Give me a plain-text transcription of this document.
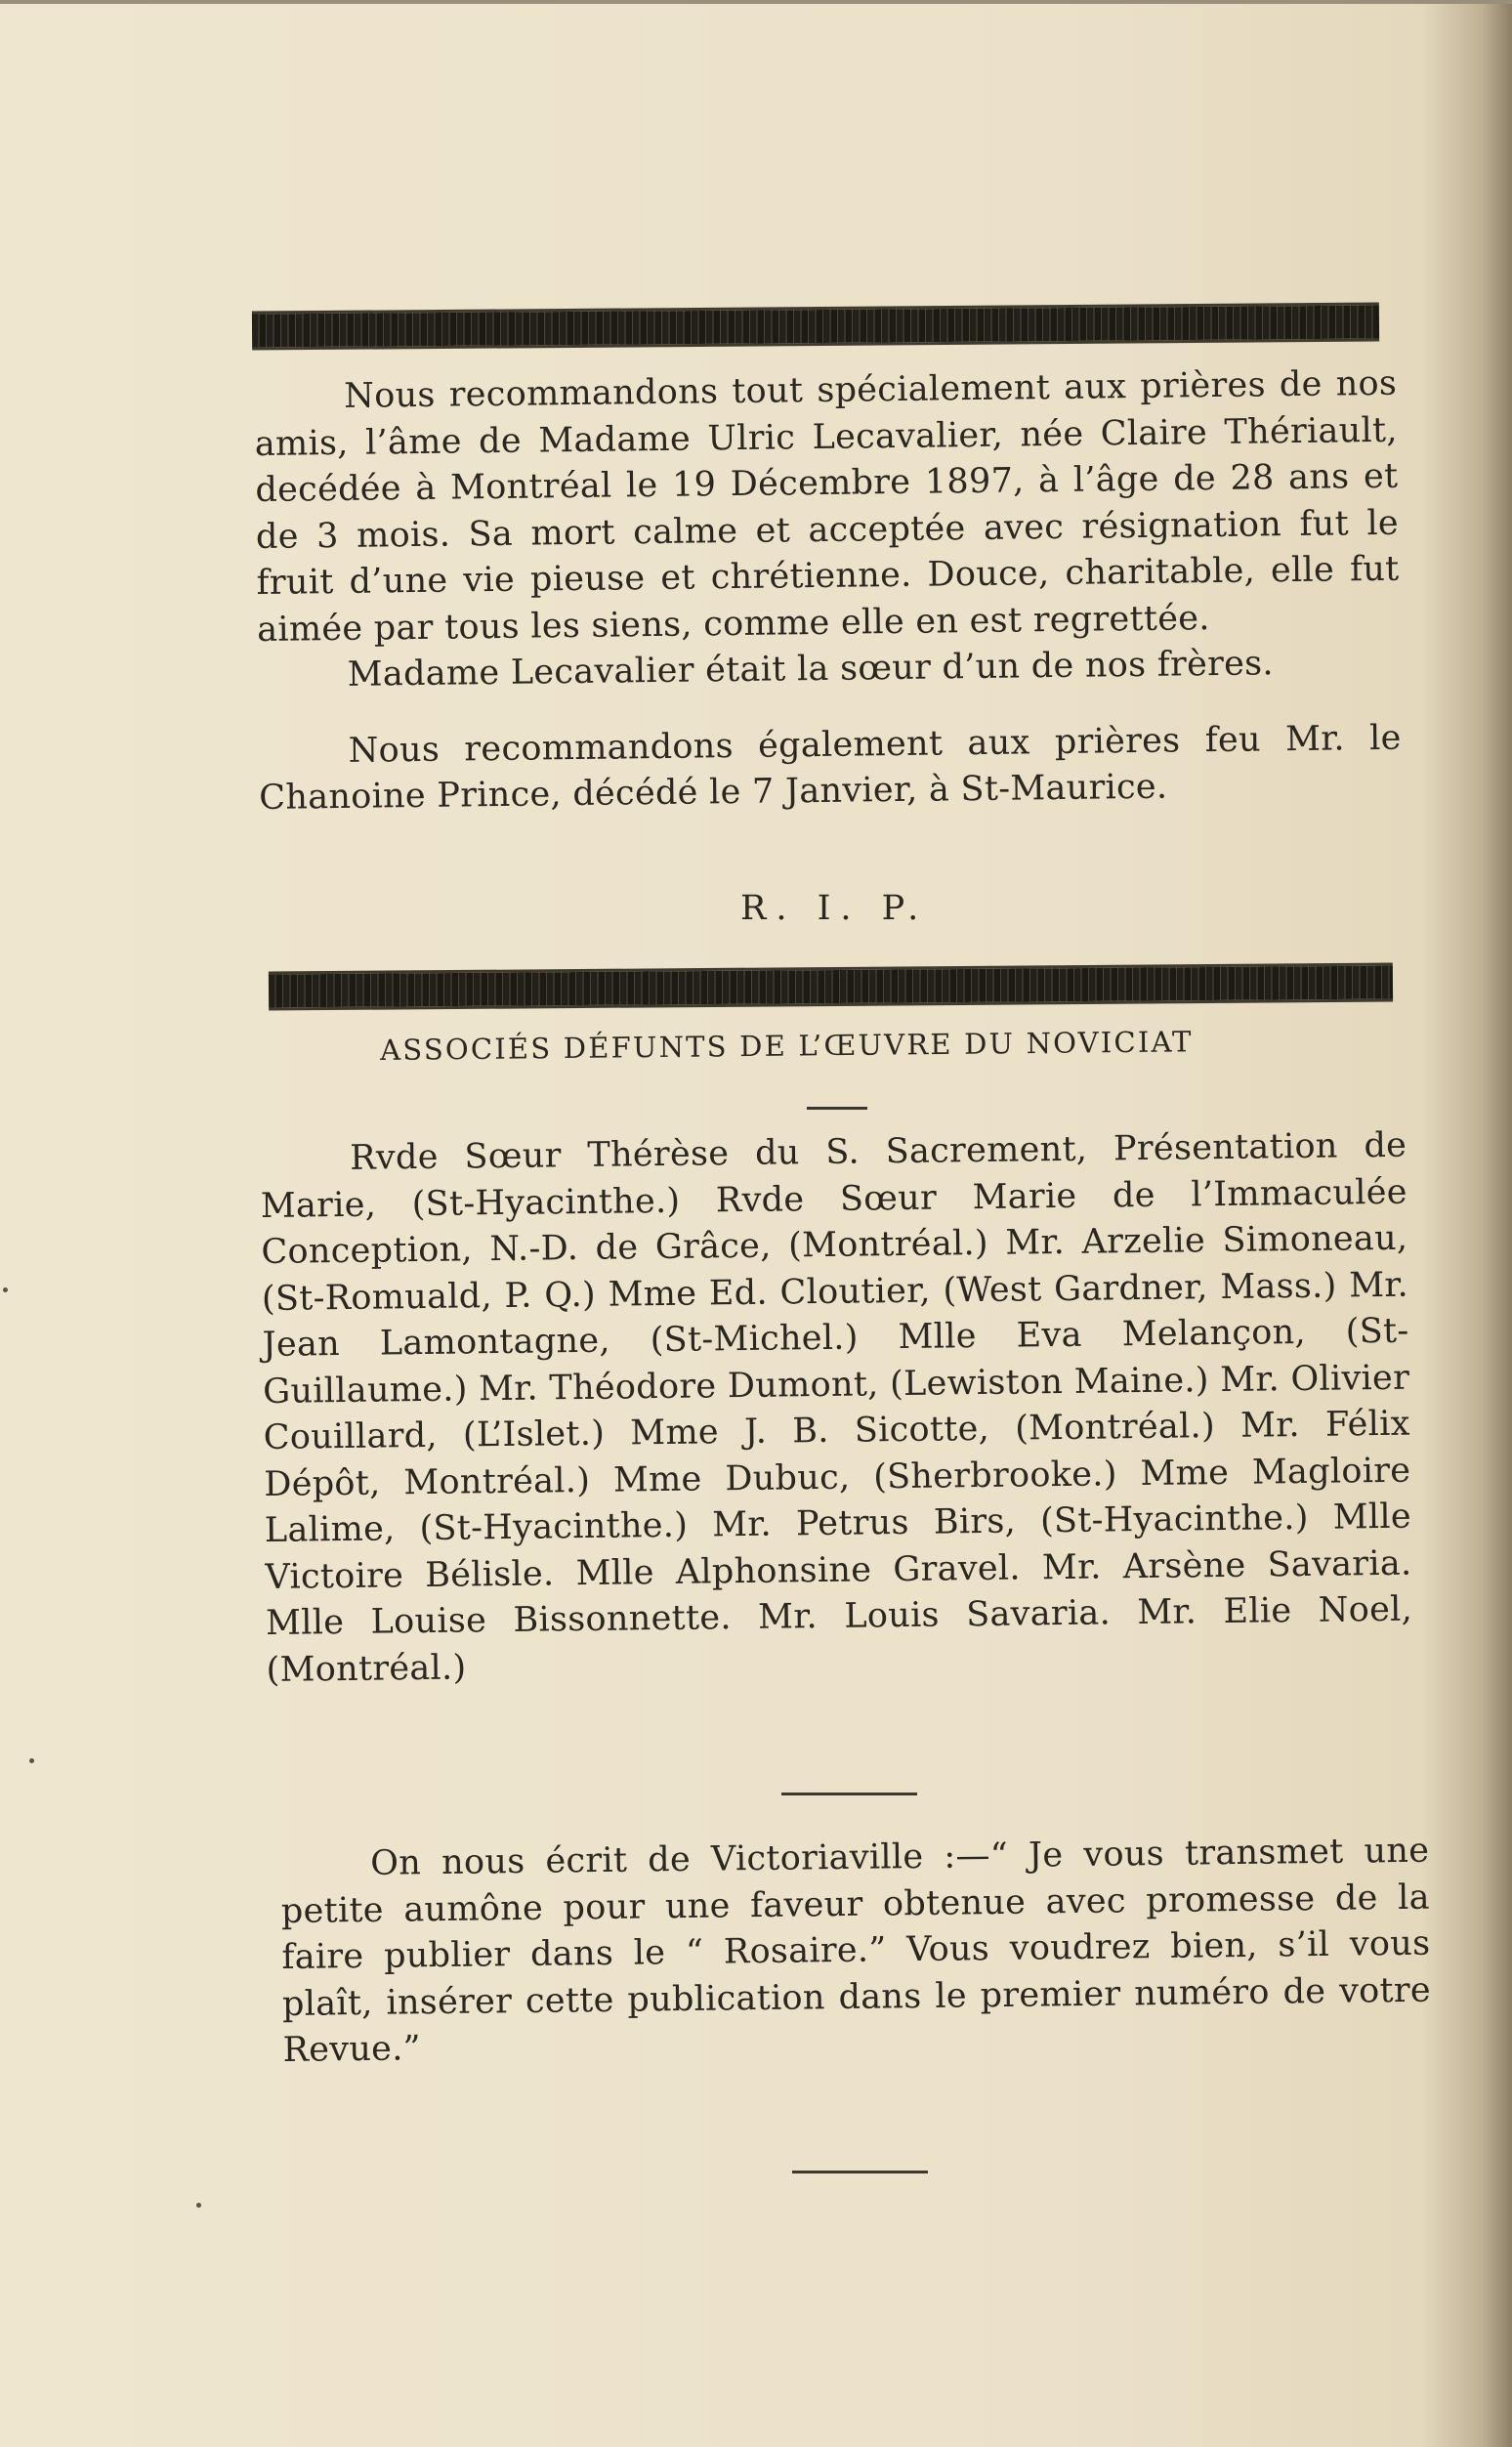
Nous recommandons tout spécialement aux prières de nos amis, l’âme de Madame Ulric Lecavalier, née Claire Thériault, decédée à Montréal le 19 Décembre 1897, à l’âge de 28 ans et de 3 mois. Sa mort calme et acceptée avec résignation fut le fruit d’une vie pieuse et chrétienne. Douce, charitable, elle fut aimée par tous les siens, comme elle en est regrettée.

Madame Lecavalier était la sœur d’un de nos frères.

Nous recommandons également aux prières feu Mr. le Chanoine Prince, décédé le 7 Janvier, à St-Maurice.

R. I. P.
ASSOCIÉS DÉFUNTS DE L’ŒUVRE DU NOVICIAT

Rvde Sœur Thérèse du S. Sacrement, Présentation de Marie, (St-Hyacinthe.) Rvde Sœur Marie de l’Immaculée Conception, N.-D. de Grâce, (Montréal.) Mr. Arzelie Simoneau, (St-Romuald, P. Q.) Mme Ed. Cloutier, (West Gardner, Mass.) Mr. Jean Lamontagne, (St-Michel.) Mlle Eva Melançon, (St-Guillaume.) Mr. Théodore Dumont, (Lewiston Maine.) Mr. Olivier Couillard, (L’Islet.) Mme J. B. Sicotte, (Montréal.) Mr. Félix Dépôt, Montréal.) Mme Dubuc, (Sherbrooke.) Mme Magloire Lalime, (St-Hyacinthe.) Mr. Petrus Birs, (St-Hyacinthe.) Mlle Victoire Bélisle. Mlle Alphonsine Gravel. Mr. Arsène Savaria. Mlle Louise Bissonnette. Mr. Louis Savaria. Mr. Elie Noel, (Montréal.)

On nous écrit de Victoriaville :—“ Je vous transmet une petite aumône pour une faveur obtenue avec promesse de la faire publier dans le “ Rosaire.” Vous voudrez bien, s’il vous plaît, insérer cette publication dans le premier numéro de votre Revue.”
